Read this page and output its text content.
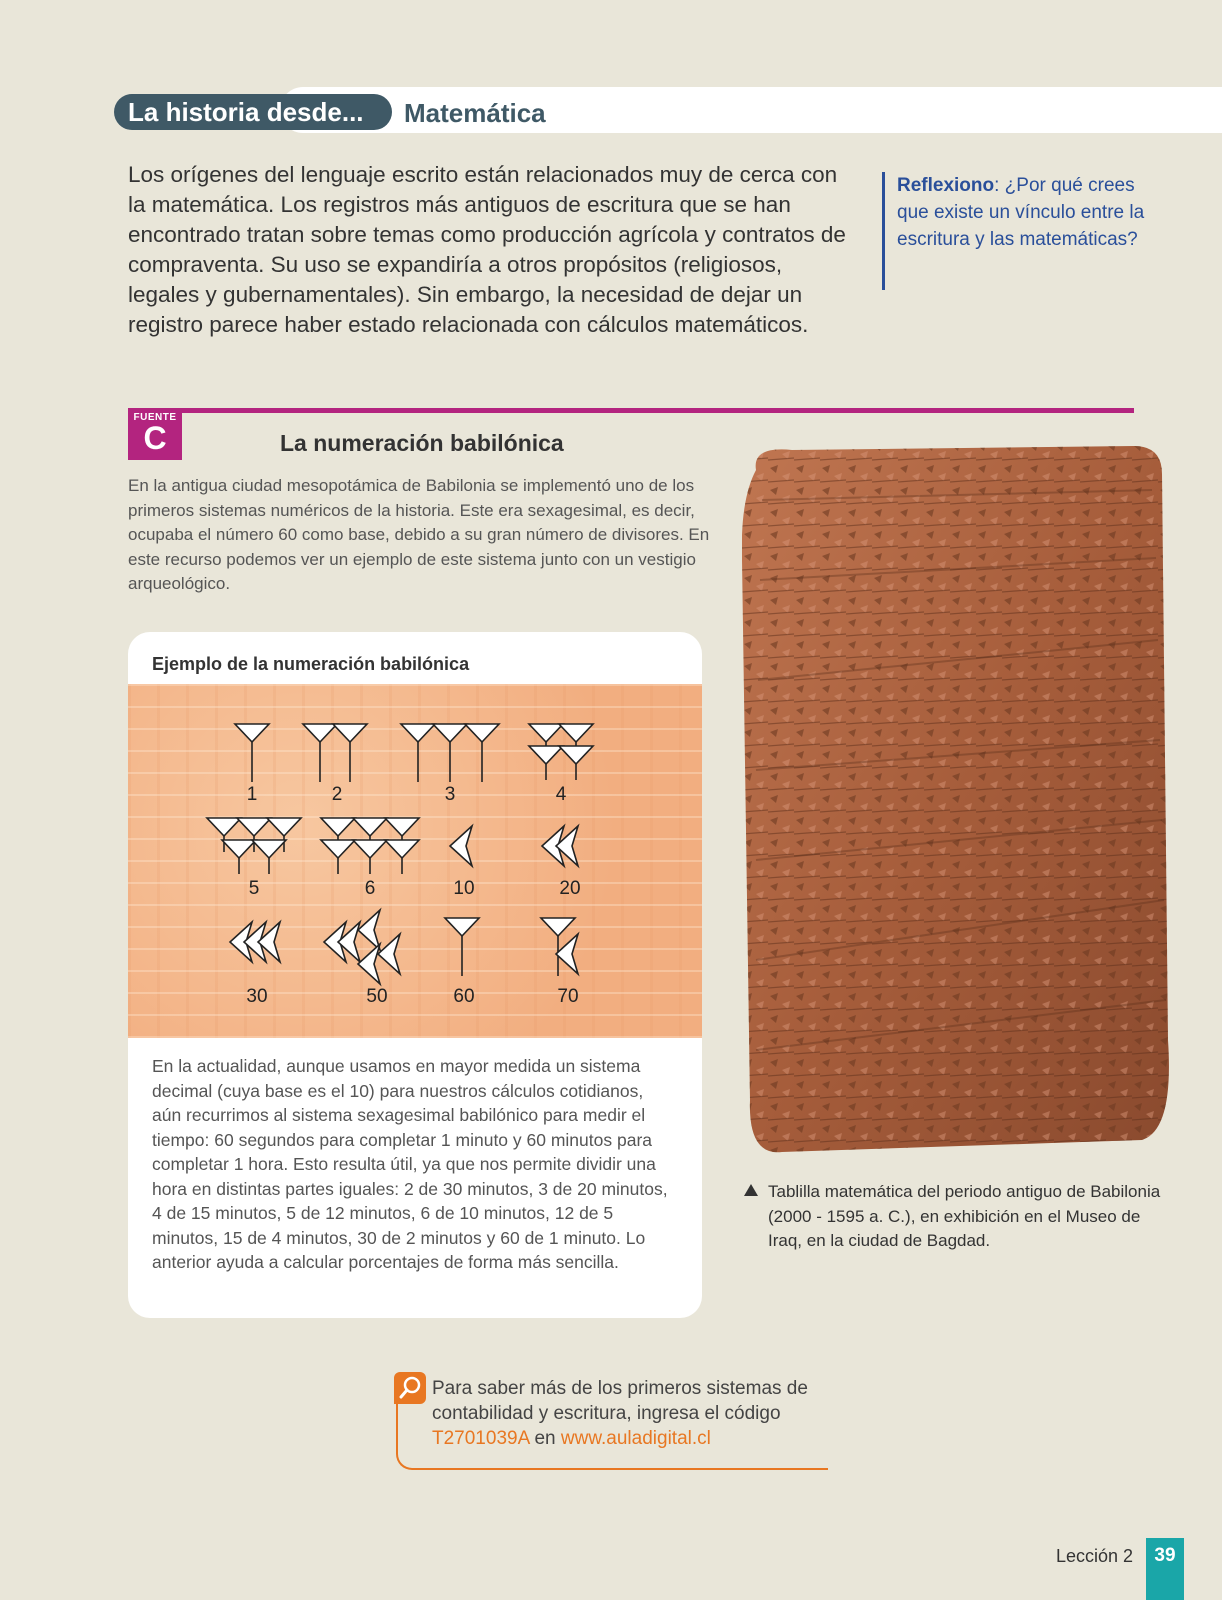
La historia desde...	Matemática

Los orígenes del lenguaje escrito están relacionados muy de cerca con la matemática. Los registros más antiguos de escritura que se han encontrado tratan sobre temas como producción agrícola y contratos de compraventa. Su uso se expandiría a otros propósitos (religiosos, legales y gubernamentales). Sin embargo, la necesidad de dejar un registro parece haber estado relacionada con cálculos matemáticos.

Reflexiono: ¿Por qué crees que existe un vínculo entre la escritura y las matemáticas?
FUENTE
C	La numeración babilónica

En la antigua ciudad mesopotámica de Babilonia se implementó uno de los primeros sistemas numéricos de la historia. Este era sexagesimal, es decir, ocupaba el número 60 como base, debido a su gran número de divisores. En este recurso podemos ver un ejemplo de este sistema junto con un vestigio arqueológico.

Ejemplo de la numeración babilónica
1	2	3	4
5	6	10	20
30	50	60	70

En la actualidad, aunque usamos en mayor medida un sistema decimal (cuya base es el 10) para nuestros cálculos cotidianos, aún recurrimos al sistema sexagesimal babilónico para medir el tiempo: 60 segundos para completar 1 minuto y 60 minutos para completar 1 hora. Esto resulta útil, ya que nos permite dividir una hora en distintas partes iguales: 2 de 30 minutos, 3 de 20 minutos, 4 de 15 minutos, 5 de 12 minutos, 6 de 10 minutos, 12 de 5 minutos, 15 de 4 minutos, 30 de 2 minutos y 60 de 1 minuto. Lo anterior ayuda a calcular porcentajes de forma más sencilla.

Tablilla matemática del periodo antiguo de Babilonia (2000 - 1595 a. C.), en exhibición en el Museo de Iraq, en la ciudad de Bagdad.

Para saber más de los primeros sistemas de contabilidad y escritura, ingresa el código T2701039A en www.auladigital.cl

Lección 2	39
